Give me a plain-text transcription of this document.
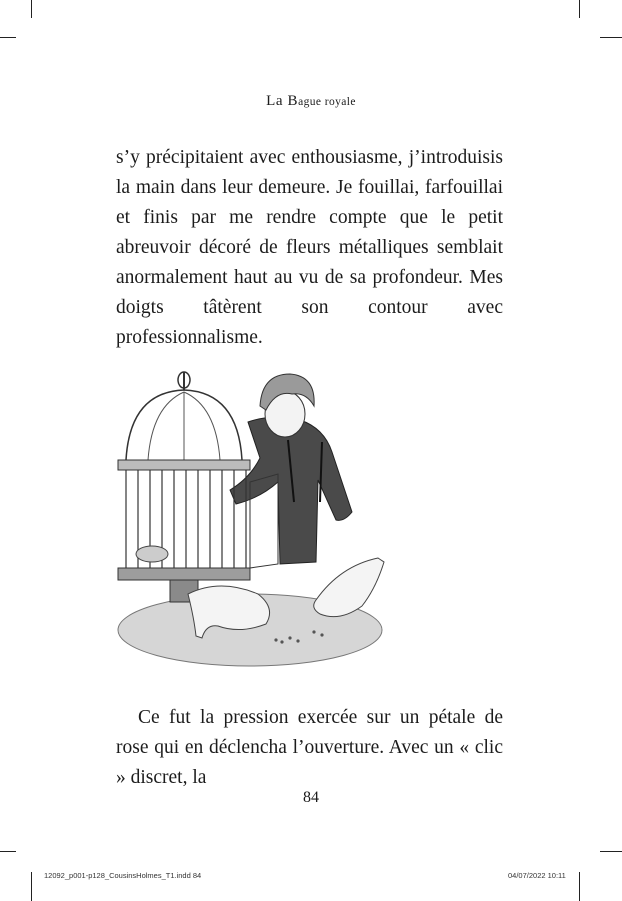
La Bague royale

s’y précipitaient avec enthousiasme, j’introduisis la main dans leur demeure. Je fouillai, farfouillai et finis par me rendre compte que le petit abreuvoir décoré de fleurs métalliques semblait anormalement haut au vu de sa profondeur. Mes doigts tâtèrent son contour avec professionnalisme.

Ce fut la pression exercée sur un pétale de rose qui en déclencha l’ouverture. Avec un « clic » discret, la

84
12092_p001-p128_CousinsHolmes_T1.indd 84	04/07/2022 10:11
